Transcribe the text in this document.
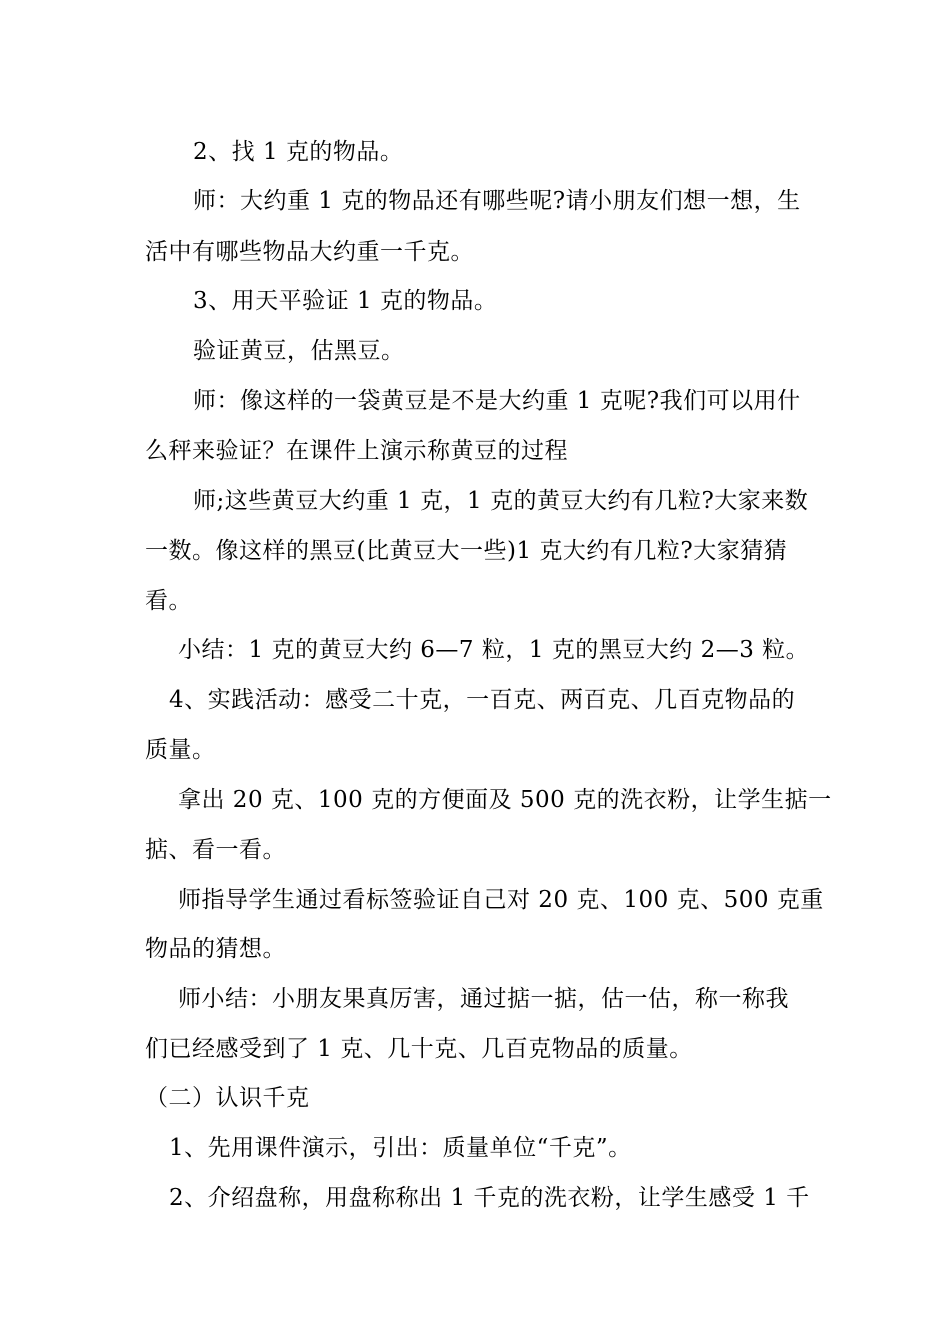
2、找 1 克的物品。
师：大约重 1 克的物品还有哪些呢?请小朋友们想一想，生
活中有哪些物品大约重一千克。
3、用天平验证 1 克的物品。
验证黄豆，估黑豆。
师：像这样的一袋黄豆是不是大约重 1 克呢?我们可以用什
么秤来验证？在课件上演示称黄豆的过程
师;这些黄豆大约重 1 克，1 克的黄豆大约有几粒?大家来数
一数。像这样的黑豆(比黄豆大一些)1 克大约有几粒?大家猜猜
看。
小结：1 克的黄豆大约 6—7 粒，1 克的黑豆大约 2—3 粒。
4、实践活动：感受二十克，一百克、两百克、几百克物品的
质量。
拿出 20 克、100 克的方便面及 500 克的洗衣粉，让学生掂一
掂、看一看。
师指导学生通过看标签验证自己对 20 克、100 克、500 克重
物品的猜想。
师小结：小朋友果真厉害，通过掂一掂，估一估，称一称我
们已经感受到了 1 克、几十克、几百克物品的质量。
（二）认识千克
1、先用课件演示，引出：质量单位“千克”。
2、介绍盘称，用盘称称出 1 千克的洗衣粉，让学生感受 1 千
